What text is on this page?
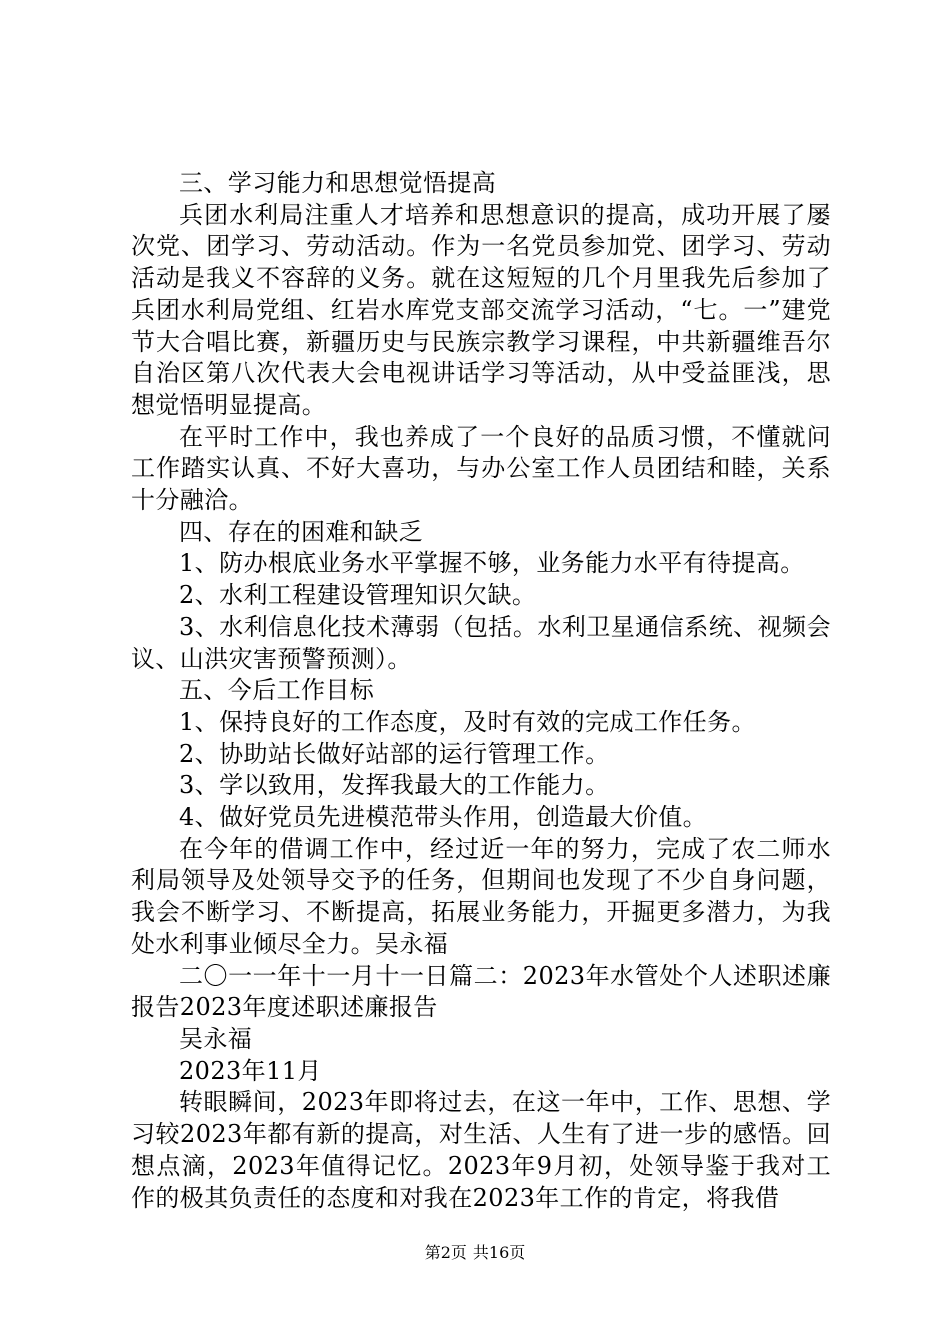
三、学习能力和思想觉悟提高

兵团水利局注重人才培养和思想意识的提高，成功开展了屡次党、团学习、劳动活动。作为一名党员参加党、团学习、劳动活动是我义不容辞的义务。就在这短短的几个月里我先后参加了兵团水利局党组、红岩水库党支部交流学习活动，“七。一”建党节大合唱比赛，新疆历史与民族宗教学习课程，中共新疆维吾尔自治区第八次代表大会电视讲话学习等活动，从中受益匪浅，思想觉悟明显提高。

在平时工作中，我也养成了一个良好的品质习惯，不懂就问工作踏实认真、不好大喜功，与办公室工作人员团结和睦，关系十分融洽。

四、存在的困难和缺乏

1、防办根底业务水平掌握不够，业务能力水平有待提高。

2、水利工程建设管理知识欠缺。

3、水利信息化技术薄弱（包括。水利卫星通信系统、视频会议、山洪灾害预警预测）。

五、今后工作目标

1、保持良好的工作态度，及时有效的完成工作任务。

2、协助站长做好站部的运行管理工作。

3、学以致用，发挥我最大的工作能力。

4、做好党员先进模范带头作用，创造最大价值。

在今年的借调工作中，经过近一年的努力，完成了农二师水利局领导及处领导交予的任务，但期间也发现了不少自身问题，我会不断学习、不断提高，拓展业务能力，开掘更多潜力，为我处水利事业倾尽全力。吴永福

二〇一一年十一月十一日篇二：2023年水管处个人述职述廉报告2023年度述职述廉报告

吴永福

2023年11月

转眼瞬间，2023年即将过去，在这一年中，工作、思想、学习较2023年都有新的提高，对生活、人生有了进一步的感悟。回想点滴，2023年值得记忆。2023年9月初，处领导鉴于我对工作的极其负责任的态度和对我在2023年工作的肯定，将我借

第2页 共16页
